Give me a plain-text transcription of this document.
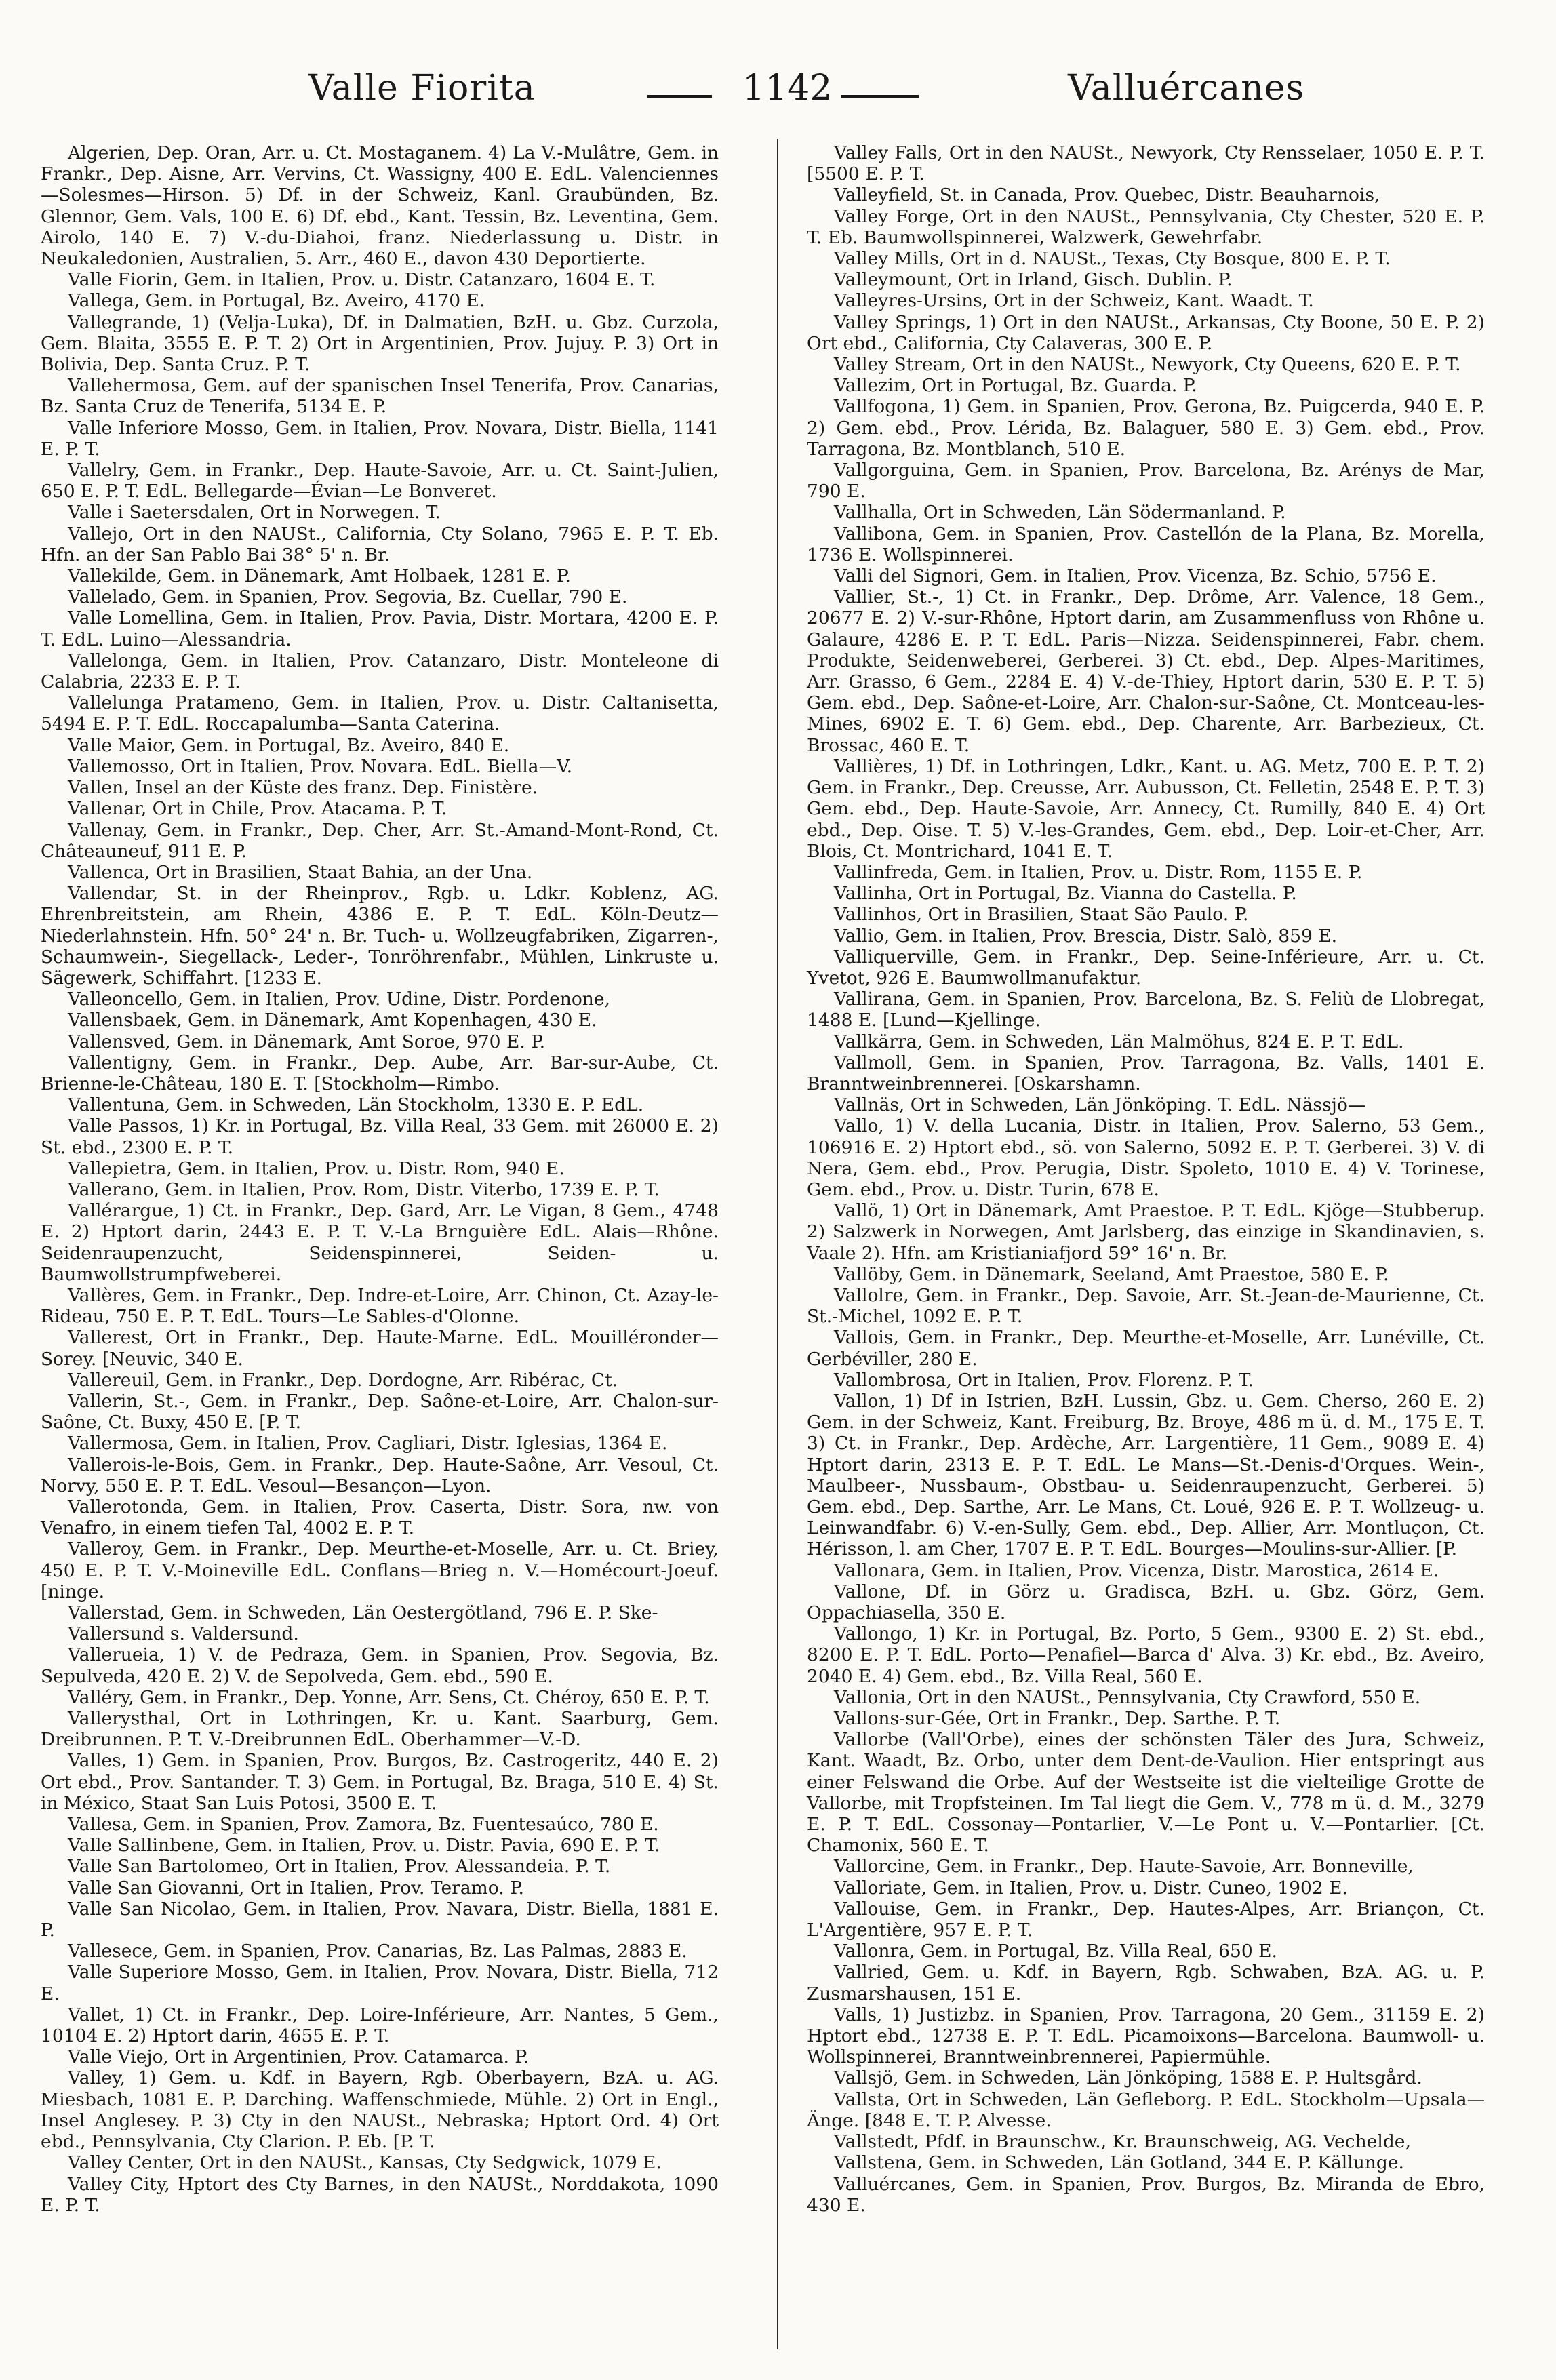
Valle Fiorita	1142	Valluércanes

Algerien, Dep. Oran, Arr. u. Ct. Mostaganem. 4) La V.-Mulâtre, Gem. in Frankr., Dep. Aisne, Arr. Vervins, Ct. Wassigny, 400 E. EdL. Valenciennes—Solesmes—Hirson. 5) Df. in der Schweiz, Kanl. Graubünden, Bz. Glennor, Gem. Vals, 100 E. 6) Df. ebd., Kant. Tessin, Bz. Leventina, Gem. Airolo, 140 E. 7) V.-du-Diahoi, franz. Niederlassung u. Distr. in Neukaledonien, Australien, 5. Arr., 460 E., davon 430 Deportierte.

Valle Fiorin, Gem. in Italien, Prov. u. Distr. Catanzaro, 1604 E. T.

Vallega, Gem. in Portugal, Bz. Aveiro, 4170 E.

Vallegrande, 1) (Velja-Luka), Df. in Dalmatien, BzH. u. Gbz. Curzola, Gem. Blaita, 3555 E. P. T. 2) Ort in Argentinien, Prov. Jujuy. P. 3) Ort in Bolivia, Dep. Santa Cruz. P. T.

Vallehermosa, Gem. auf der spanischen Insel Tenerifa, Prov. Canarias, Bz. Santa Cruz de Tenerifa, 5134 E. P.

Valle Inferiore Mosso, Gem. in Italien, Prov. Novara, Distr. Biella, 1141 E. P. T.

Vallelry, Gem. in Frankr., Dep. Haute-Savoie, Arr. u. Ct. Saint-Julien, 650 E. P. T. EdL. Bellegarde—Évian—Le Bonveret.

Valle i Saetersdalen, Ort in Norwegen. T.

Vallejo, Ort in den NAUSt., California, Cty Solano, 7965 E. P. T. Eb. Hfn. an der San Pablo Bai 38° 5' n. Br.

Vallekilde, Gem. in Dänemark, Amt Holbaek, 1281 E. P.

Vallelado, Gem. in Spanien, Prov. Segovia, Bz. Cuellar, 790 E.

Valle Lomellina, Gem. in Italien, Prov. Pavia, Distr. Mortara, 4200 E. P. T. EdL. Luino—Alessandria.

Vallelonga, Gem. in Italien, Prov. Catanzaro, Distr. Monteleone di Calabria, 2233 E. P. T.

Vallelunga Pratameno, Gem. in Italien, Prov. u. Distr. Caltanisetta, 5494 E. P. T. EdL. Roccapalumba—Santa Caterina.

Valle Maior, Gem. in Portugal, Bz. Aveiro, 840 E.

Vallemosso, Ort in Italien, Prov. Novara. EdL. Biella—V.

Vallen, Insel an der Küste des franz. Dep. Finistère.

Vallenar, Ort in Chile, Prov. Atacama. P. T.

Vallenay, Gem. in Frankr., Dep. Cher, Arr. St.-Amand-Mont-Rond, Ct. Châteauneuf, 911 E. P.

Vallenca, Ort in Brasilien, Staat Bahia, an der Una.

Vallendar, St. in der Rheinprov., Rgb. u. Ldkr. Koblenz, AG. Ehrenbreitstein, am Rhein, 4386 E. P. T. EdL. Köln-Deutz—Niederlahnstein. Hfn. 50° 24' n. Br. Tuch- u. Wollzeugfabriken, Zigarren-, Schaumwein-, Siegellack-, Leder-, Tonröhrenfabr., Mühlen, Linkruste u. Sägewerk, Schiffahrt. [1233 E.

Valleoncello, Gem. in Italien, Prov. Udine, Distr. Pordenone,

Vallensbaek, Gem. in Dänemark, Amt Kopenhagen, 430 E.

Vallensved, Gem. in Dänemark, Amt Soroe, 970 E. P.

Vallentigny, Gem. in Frankr., Dep. Aube, Arr. Bar-sur-Aube, Ct. Brienne-le-Château, 180 E. T. [Stockholm—Rimbo.

Vallentuna, Gem. in Schweden, Län Stockholm, 1330 E. P. EdL.

Valle Passos, 1) Kr. in Portugal, Bz. Villa Real, 33 Gem. mit 26000 E. 2) St. ebd., 2300 E. P. T.

Vallepietra, Gem. in Italien, Prov. u. Distr. Rom, 940 E.

Vallerano, Gem. in Italien, Prov. Rom, Distr. Viterbo, 1739 E. P. T.

Vallérargue, 1) Ct. in Frankr., Dep. Gard, Arr. Le Vigan, 8 Gem., 4748 E. 2) Hptort darin, 2443 E. P. T. V.-La Brnguière EdL. Alais—Rhône. Seidenraupenzucht, Seidenspinnerei, Seiden- u. Baumwollstrumpfweberei.

Vallères, Gem. in Frankr., Dep. Indre-et-Loire, Arr. Chinon, Ct. Azay-le-Rideau, 750 E. P. T. EdL. Tours—Le Sables-d'Olonne.

Vallerest, Ort in Frankr., Dep. Haute-Marne. EdL. Mouilléronder—Sorey. [Neuvic, 340 E.

Vallereuil, Gem. in Frankr., Dep. Dordogne, Arr. Ribérac, Ct.

Vallerin, St.-, Gem. in Frankr., Dep. Saône-et-Loire, Arr. Chalon-sur-Saône, Ct. Buxy, 450 E. [P. T.

Vallermosa, Gem. in Italien, Prov. Cagliari, Distr. Iglesias, 1364 E.

Vallerois-le-Bois, Gem. in Frankr., Dep. Haute-Saône, Arr. Vesoul, Ct. Norvy, 550 E. P. T. EdL. Vesoul—Besançon—Lyon.

Vallerotonda, Gem. in Italien, Prov. Caserta, Distr. Sora, nw. von Venafro, in einem tiefen Tal, 4002 E. P. T.

Valleroy, Gem. in Frankr., Dep. Meurthe-et-Moselle, Arr. u. Ct. Briey, 450 E. P. T. V.-Moineville EdL. Conflans—Brieg n. V.—Homécourt-Joeuf. [ninge.

Vallerstad, Gem. in Schweden, Län Oestergötland, 796 E. P. Ske-

Vallersund s. Valdersund.

Vallerueia, 1) V. de Pedraza, Gem. in Spanien, Prov. Segovia, Bz. Sepulveda, 420 E. 2) V. de Sepolveda, Gem. ebd., 590 E.

Valléry, Gem. in Frankr., Dep. Yonne, Arr. Sens, Ct. Chéroy, 650 E. P. T.

Vallerysthal, Ort in Lothringen, Kr. u. Kant. Saarburg, Gem. Dreibrunnen. P. T. V.-Dreibrunnen EdL. Oberhammer—V.-D.

Valles, 1) Gem. in Spanien, Prov. Burgos, Bz. Castrogeritz, 440 E. 2) Ort ebd., Prov. Santander. T. 3) Gem. in Portugal, Bz. Braga, 510 E. 4) St. in México, Staat San Luis Potosi, 3500 E. T.

Vallesa, Gem. in Spanien, Prov. Zamora, Bz. Fuentesaúco, 780 E.

Valle Sallinbene, Gem. in Italien, Prov. u. Distr. Pavia, 690 E. P. T.

Valle San Bartolomeo, Ort in Italien, Prov. Alessandeia. P. T.

Valle San Giovanni, Ort in Italien, Prov. Teramo. P.

Valle San Nicolao, Gem. in Italien, Prov. Navara, Distr. Biella, 1881 E. P.

Vallesece, Gem. in Spanien, Prov. Canarias, Bz. Las Palmas, 2883 E.

Valle Superiore Mosso, Gem. in Italien, Prov. Novara, Distr. Biella, 712 E.

Vallet, 1) Ct. in Frankr., Dep. Loire-Inférieure, Arr. Nantes, 5 Gem., 10104 E. 2) Hptort darin, 4655 E. P. T.

Valle Viejo, Ort in Argentinien, Prov. Catamarca. P.

Valley, 1) Gem. u. Kdf. in Bayern, Rgb. Oberbayern, BzA. u. AG. Miesbach, 1081 E. P. Darching. Waffenschmiede, Mühle. 2) Ort in Engl., Insel Anglesey. P. 3) Cty in den NAUSt., Nebraska; Hptort Ord. 4) Ort ebd., Pennsylvania, Cty Clarion. P. Eb. [P. T.

Valley Center, Ort in den NAUSt., Kansas, Cty Sedgwick, 1079 E.

Valley City, Hptort des Cty Barnes, in den NAUSt., Norddakota, 1090 E. P. T.

Valley Falls, Ort in den NAUSt., Newyork, Cty Rensselaer, 1050 E. P. T. [5500 E. P. T.

Valleyfield, St. in Canada, Prov. Quebec, Distr. Beauharnois,

Valley Forge, Ort in den NAUSt., Pennsylvania, Cty Chester, 520 E. P. T. Eb. Baumwollspinnerei, Walzwerk, Gewehrfabr.

Valley Mills, Ort in d. NAUSt., Texas, Cty Bosque, 800 E. P. T.

Valleymount, Ort in Irland, Gisch. Dublin. P.

Valleyres-Ursins, Ort in der Schweiz, Kant. Waadt. T.

Valley Springs, 1) Ort in den NAUSt., Arkansas, Cty Boone, 50 E. P. 2) Ort ebd., California, Cty Calaveras, 300 E. P.

Valley Stream, Ort in den NAUSt., Newyork, Cty Queens, 620 E. P. T.

Vallezim, Ort in Portugal, Bz. Guarda. P.

Vallfogona, 1) Gem. in Spanien, Prov. Gerona, Bz. Puigcerda, 940 E. P. 2) Gem. ebd., Prov. Lérida, Bz. Balaguer, 580 E. 3) Gem. ebd., Prov. Tarragona, Bz. Montblanch, 510 E.

Vallgorguina, Gem. in Spanien, Prov. Barcelona, Bz. Arénys de Mar, 790 E.

Vallhalla, Ort in Schweden, Län Södermanland. P.

Vallibona, Gem. in Spanien, Prov. Castellón de la Plana, Bz. Morella, 1736 E. Wollspinnerei.

Valli del Signori, Gem. in Italien, Prov. Vicenza, Bz. Schio, 5756 E.

Vallier, St.-, 1) Ct. in Frankr., Dep. Drôme, Arr. Valence, 18 Gem., 20677 E. 2) V.-sur-Rhône, Hptort darin, am Zusammenfluss von Rhône u. Galaure, 4286 E. P. T. EdL. Paris—Nizza. Seidenspinnerei, Fabr. chem. Produkte, Seidenweberei, Gerberei. 3) Ct. ebd., Dep. Alpes-Maritimes, Arr. Grasso, 6 Gem., 2284 E. 4) V.-de-Thiey, Hptort darin, 530 E. P. T. 5) Gem. ebd., Dep. Saône-et-Loire, Arr. Chalon-sur-Saône, Ct. Montceau-les-Mines, 6902 E. T. 6) Gem. ebd., Dep. Charente, Arr. Barbezieux, Ct. Brossac, 460 E. T.

Vallières, 1) Df. in Lothringen, Ldkr., Kant. u. AG. Metz, 700 E. P. T. 2) Gem. in Frankr., Dep. Creusse, Arr. Aubusson, Ct. Felletin, 2548 E. P. T. 3) Gem. ebd., Dep. Haute-Savoie, Arr. Annecy, Ct. Rumilly, 840 E. 4) Ort ebd., Dep. Oise. T. 5) V.-les-Grandes, Gem. ebd., Dep. Loir-et-Cher, Arr. Blois, Ct. Montrichard, 1041 E. T.

Vallinfreda, Gem. in Italien, Prov. u. Distr. Rom, 1155 E. P.

Vallinha, Ort in Portugal, Bz. Vianna do Castella. P.

Vallinhos, Ort in Brasilien, Staat São Paulo. P.

Vallio, Gem. in Italien, Prov. Brescia, Distr. Salò, 859 E.

Valliquerville, Gem. in Frankr., Dep. Seine-Inférieure, Arr. u. Ct. Yvetot, 926 E. Baumwollmanufaktur.

Vallirana, Gem. in Spanien, Prov. Barcelona, Bz. S. Feliù de Llobregat, 1488 E. [Lund—Kjellinge.

Vallkärra, Gem. in Schweden, Län Malmöhus, 824 E. P. T. EdL.

Vallmoll, Gem. in Spanien, Prov. Tarragona, Bz. Valls, 1401 E. Branntweinbrennerei. [Oskarshamn.

Vallnäs, Ort in Schweden, Län Jönköping. T. EdL. Nässjö—

Vallo, 1) V. della Lucania, Distr. in Italien, Prov. Salerno, 53 Gem., 106916 E. 2) Hptort ebd., sö. von Salerno, 5092 E. P. T. Gerberei. 3) V. di Nera, Gem. ebd., Prov. Perugia, Distr. Spoleto, 1010 E. 4) V. Torinese, Gem. ebd., Prov. u. Distr. Turin, 678 E.

Vallö, 1) Ort in Dänemark, Amt Praestoe. P. T. EdL. Kjöge—Stubberup. 2) Salzwerk in Norwegen, Amt Jarlsberg, das einzige in Skandinavien, s. Vaale 2). Hfn. am Kristianiafjord 59° 16' n. Br.

Vallöby, Gem. in Dänemark, Seeland, Amt Praestoe, 580 E. P.

Vallolre, Gem. in Frankr., Dep. Savoie, Arr. St.-Jean-de-Maurienne, Ct. St.-Michel, 1092 E. P. T.

Vallois, Gem. in Frankr., Dep. Meurthe-et-Moselle, Arr. Lunéville, Ct. Gerbéviller, 280 E.

Vallombrosa, Ort in Italien, Prov. Florenz. P. T.

Vallon, 1) Df in Istrien, BzH. Lussin, Gbz. u. Gem. Cherso, 260 E. 2) Gem. in der Schweiz, Kant. Freiburg, Bz. Broye, 486 m ü. d. M., 175 E. T. 3) Ct. in Frankr., Dep. Ardèche, Arr. Largentière, 11 Gem., 9089 E. 4) Hptort darin, 2313 E. P. T. EdL. Le Mans—St.-Denis-d'Orques. Wein-, Maulbeer-, Nussbaum-, Obstbau- u. Seidenraupenzucht, Gerberei. 5) Gem. ebd., Dep. Sarthe, Arr. Le Mans, Ct. Loué, 926 E. P. T. Wollzeug- u. Leinwandfabr. 6) V.-en-Sully, Gem. ebd., Dep. Allier, Arr. Montluçon, Ct. Hérisson, l. am Cher, 1707 E. P. T. EdL. Bourges—Moulins-sur-Allier. [P.

Vallonara, Gem. in Italien, Prov. Vicenza, Distr. Marostica, 2614 E.

Vallone, Df. in Görz u. Gradisca, BzH. u. Gbz. Görz, Gem. Oppachiasella, 350 E.

Vallongo, 1) Kr. in Portugal, Bz. Porto, 5 Gem., 9300 E. 2) St. ebd., 8200 E. P. T. EdL. Porto—Penafiel—Barca d' Alva. 3) Kr. ebd., Bz. Aveiro, 2040 E. 4) Gem. ebd., Bz. Villa Real, 560 E.

Vallonia, Ort in den NAUSt., Pennsylvania, Cty Crawford, 550 E.

Vallons-sur-Gée, Ort in Frankr., Dep. Sarthe. P. T.

Vallorbe (Vall'Orbe), eines der schönsten Täler des Jura, Schweiz, Kant. Waadt, Bz. Orbo, unter dem Dent-de-Vaulion. Hier entspringt aus einer Felswand die Orbe. Auf der Westseite ist die vielteilige Grotte de Vallorbe, mit Tropfsteinen. Im Tal liegt die Gem. V., 778 m ü. d. M., 3279 E. P. T. EdL. Cossonay—Pontarlier, V.—Le Pont u. V.—Pontarlier. [Ct. Chamonix, 560 E. T.

Vallorcine, Gem. in Frankr., Dep. Haute-Savoie, Arr. Bonneville,

Valloriate, Gem. in Italien, Prov. u. Distr. Cuneo, 1902 E.

Vallouise, Gem. in Frankr., Dep. Hautes-Alpes, Arr. Briançon, Ct. L'Argentière, 957 E. P. T.

Vallonra, Gem. in Portugal, Bz. Villa Real, 650 E.

Vallried, Gem. u. Kdf. in Bayern, Rgb. Schwaben, BzA. AG. u. P. Zusmarshausen, 151 E.

Valls, 1) Justizbz. in Spanien, Prov. Tarragona, 20 Gem., 31159 E. 2) Hptort ebd., 12738 E. P. T. EdL. Picamoixons—Barcelona. Baumwoll- u. Wollspinnerei, Branntweinbrennerei, Papiermühle.

Vallsjö, Gem. in Schweden, Län Jönköping, 1588 E. P. Hultsgård.

Vallsta, Ort in Schweden, Län Gefleborg. P. EdL. Stockholm—Upsala—Änge. [848 E. T. P. Alvesse.

Vallstedt, Pfdf. in Braunschw., Kr. Braunschweig, AG. Vechelde,

Vallstena, Gem. in Schweden, Län Gotland, 344 E. P. Källunge.

Valluércanes, Gem. in Spanien, Prov. Burgos, Bz. Miranda de Ebro, 430 E.
